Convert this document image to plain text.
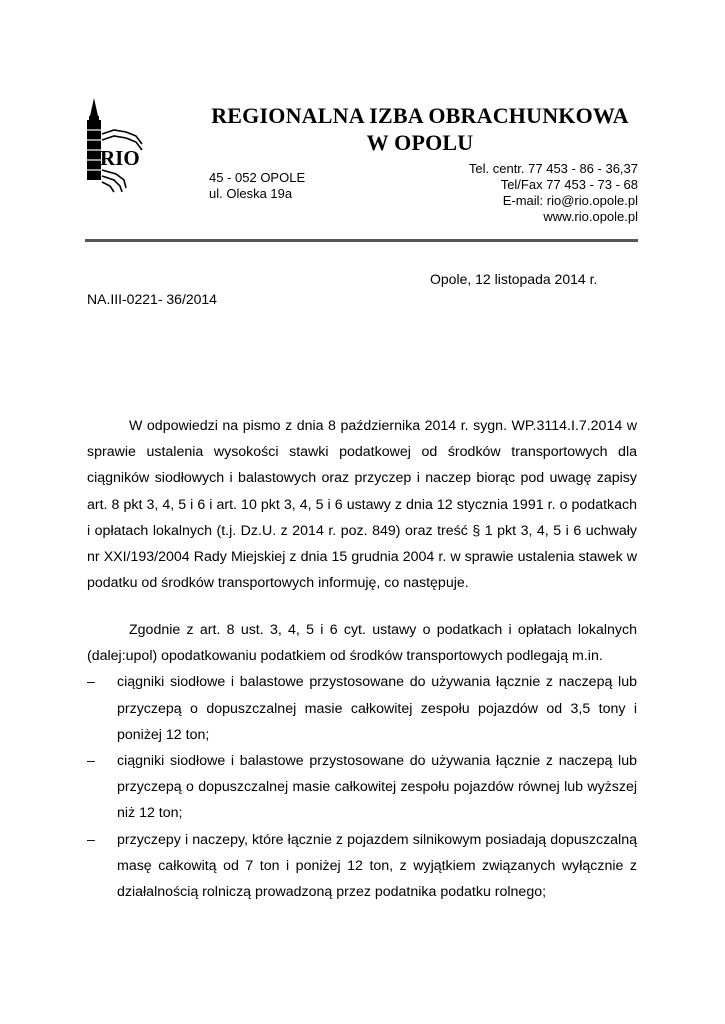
RIO
REGIONALNA IZBA OBRACHUNKOWA
W OPOLU
45 - 052 OPOLE
ul. Oleska 19a
Tel. centr. 77 453 - 86 - 36,37
Tel/Fax 77 453 - 73 - 68
E-mail: rio@rio.opole.pl
www.rio.opole.pl
Opole, 12 listopada 2014 r.
NA.III-0221- 36/2014

W odpowiedzi na pismo z dnia 8 października 2014 r. sygn. WP.3114.I.7.2014 w sprawie ustalenia wysokości stawki podatkowej od środków transportowych dla ciągników siodłowych i balastowych oraz przyczep i naczep biorąc pod uwagę zapisy art. 8 pkt 3, 4, 5 i 6 i art. 10 pkt 3, 4, 5 i 6 ustawy z dnia 12 stycznia 1991 r. o podatkach i opłatach lokalnych (t.j. Dz.U. z 2014 r. poz. 849) oraz treść § 1 pkt 3, 4, 5 i 6 uchwały nr XXI/193/2004 Rady Miejskiej z dnia 15 grudnia 2004 r. w sprawie ustalenia stawek w podatku od środków transportowych informuję, co następuje.

Zgodnie z art. 8 ust. 3, 4, 5 i 6 cyt. ustawy o podatkach i opłatach lokalnych (dalej:upol) opodatkowaniu podatkiem od środków transportowych podlegają m.in.

– ciągniki siodłowe i balastowe przystosowane do używania łącznie z naczepą lub przyczepą o dopuszczalnej masie całkowitej zespołu pojazdów od 3,5 tony i poniżej 12 ton;
– ciągniki siodłowe i balastowe przystosowane do używania łącznie z naczepą lub przyczepą o dopuszczalnej masie całkowitej zespołu pojazdów równej lub wyższej niż 12 ton;
– przyczepy i naczepy, które łącznie z pojazdem silnikowym posiadają dopuszczalną masę całkowitą od 7 ton i poniżej 12 ton, z wyjątkiem związanych wyłącznie z działalnością rolniczą prowadzoną przez podatnika podatku rolnego;
